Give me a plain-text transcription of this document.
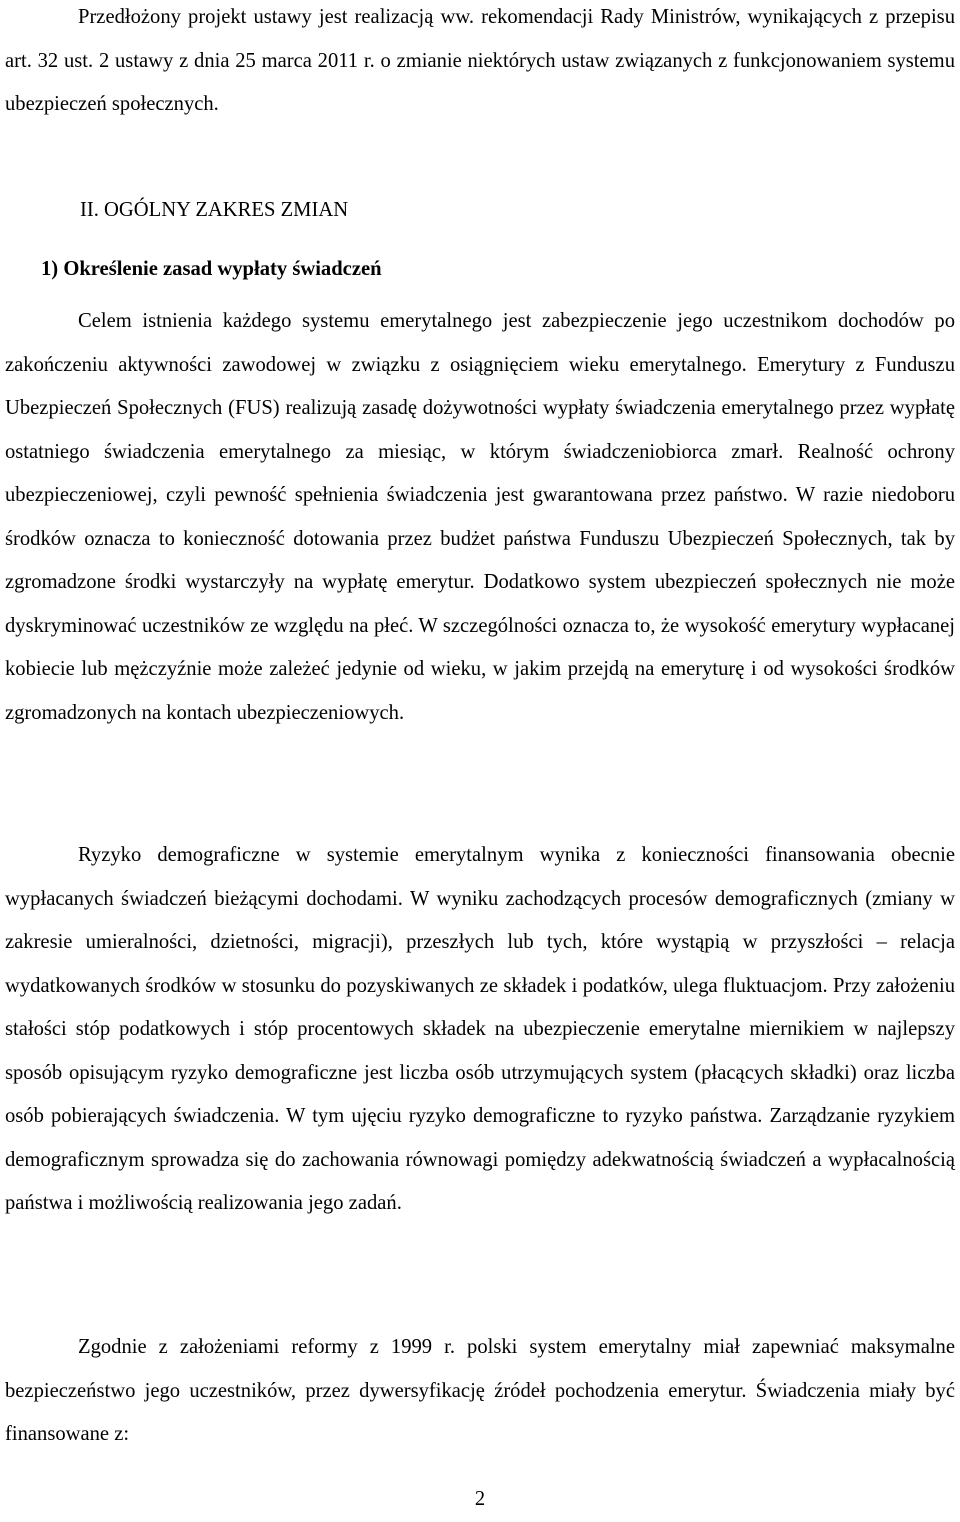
Przedłożony projekt ustawy jest realizacją ww. rekomendacji Rady Ministrów, wynikających z przepisu art. 32 ust. 2 ustawy z dnia 25 marca 2011 r. o zmianie niektórych ustaw związanych z funkcjonowaniem systemu ubezpieczeń społecznych.

II. OGÓLNY ZAKRES ZMIAN
1) Określenie zasad wypłaty świadczeń

Celem istnienia każdego systemu emerytalnego jest zabezpieczenie jego uczestnikom dochodów po zakończeniu aktywności zawodowej w związku z osiągnięciem wieku emerytalnego. Emerytury z Funduszu Ubezpieczeń Społecznych (FUS) realizują zasadę dożywotności wypłaty świadczenia emerytalnego przez wypłatę ostatniego świadczenia emerytalnego za miesiąc, w którym świadczeniobiorca zmarł. Realność ochrony ubezpieczeniowej, czyli pewność spełnienia świadczenia jest gwarantowana przez państwo. W razie niedoboru środków oznacza to konieczność dotowania przez budżet państwa Funduszu Ubezpieczeń Społecznych, tak by zgromadzone środki wystarczyły na wypłatę emerytur. Dodatkowo system ubezpieczeń społecznych nie może dyskryminować uczestników ze względu na płeć. W szczególności oznacza to, że wysokość emerytury wypłacanej kobiecie lub mężczyźnie może zależeć jedynie od wieku, w jakim przejdą na emeryturę i od wysokości środków zgromadzonych na kontach ubezpieczeniowych.

Ryzyko demograficzne w systemie emerytalnym wynika z konieczności finansowania obecnie wypłacanych świadczeń bieżącymi dochodami. W wyniku zachodzących procesów demograficznych (zmiany w zakresie umieralności, dzietności, migracji), przeszłych lub tych, które wystąpią w przyszłości – relacja wydatkowanych środków w stosunku do pozyskiwanych ze składek i podatków, ulega fluktuacjom. Przy założeniu stałości stóp podatkowych i stóp procentowych składek na ubezpieczenie emerytalne miernikiem w najlepszy sposób opisującym ryzyko demograficzne jest liczba osób utrzymujących system (płacących składki) oraz liczba osób pobierających świadczenia. W tym ujęciu ryzyko demograficzne to ryzyko państwa. Zarządzanie ryzykiem demograficznym sprowadza się do zachowania równowagi pomiędzy adekwatnością świadczeń a wypłacalnością państwa i możliwością realizowania jego zadań.

Zgodnie z założeniami reformy z 1999 r. polski system emerytalny miał zapewniać maksymalne bezpieczeństwo jego uczestników, przez dywersyfikację źródeł pochodzenia emerytur. Świadczenia miały być finansowane z:

2
